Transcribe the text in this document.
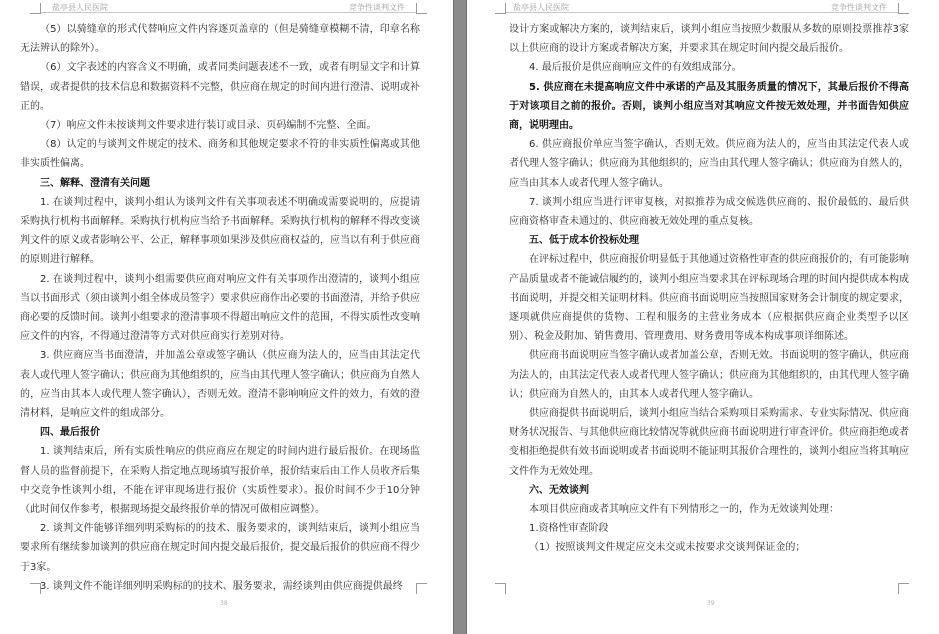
盐亭县人民医院	竞争性谈判文件

（5）以骑缝章的形式代替响应文件内容逐页盖章的（但是骑缝章模糊不清，印章名称无法辨认的除外）。

（6）文字表述的内容含义不明确，或者同类问题表述不一致，或者有明显文字和计算错误，或者提供的技术信息和数据资料不完整，供应商在规定的时间内进行澄清、说明或补正的。

（7）响应文件未按谈判文件要求进行装订或目录、页码编制不完整、全面。

（8）认定的与谈判文件规定的技术、商务和其他规定要求不符的非实质性偏离或其他非实质性偏离。

三、解释、澄清有关问题

1. 在谈判过程中，谈判小组认为谈判文件有关事项表述不明确或需要说明的，应提请采购执行机构书面解释。采购执行机构应当给予书面解释。采购执行机构的解释不得改变谈判文件的原义或者影响公平、公正，解释事项如果涉及供应商权益的，应当以有利于供应商的原则进行解释。

2. 在谈判过程中，谈判小组需要供应商对响应文件有关事项作出澄清的，谈判小组应当以书面形式（须由谈判小组全体成员签字）要求供应商作出必要的书面澄清，并给予供应商必要的反馈时间。谈判小组要求的澄清事项不得超出响应文件的范围，不得实质性改变响应文件的内容，不得通过澄清等方式对供应商实行差别对待。

3. 供应商应当书面澄清，并加盖公章或签字确认（供应商为法人的，应当由其法定代表人或代理人签字确认；供应商为其他组织的，应当由其代理人签字确认；供应商为自然人的，应当由其本人或代理人签字确认），否则无效。澄清不影响响应文件的效力，有效的澄清材料，是响应文件的组成部分。

四、最后报价

1. 谈判结束后，所有实质性响应的供应商应在规定的时间内进行最后报价。在现场监督人员的监督前提下，在采购人指定地点现场填写报价单，报价结束后由工作人员收齐后集中交竞争性谈判小组，不能在评审现场进行报价（实质性要求）。报价时间不少于10分钟（此时间仅作参考，根据现场提交最终报价单的情况可做相应调整）。

2. 谈判文件能够详细列明采购标的的技术、服务要求的，谈判结束后，谈判小组应当要求所有继续参加谈判的供应商在规定时间内提交最后报价，提交最后报价的供应商不得少于3家。

3. 谈判文件不能详细列明采购标的的技术、服务要求，需经谈判由供应商提供最终

38
盐亭县人民医院	竞争性谈判文件

设计方案或解决方案的，谈判结束后，谈判小组应当按照少数服从多数的原则投票推荐3家以上供应商的设计方案或者解决方案，并要求其在规定时间内提交最后报价。

4. 最后报价是供应商响应文件的有效组成部分。

5. 供应商在未提高响应文件中承诺的产品及其服务质量的情况下，其最后报价不得高于对该项目之前的报价。否则，谈判小组应当对其响应文件按无效处理，并书面告知供应商，说明理由。

6. 供应商报价单应当签字确认，否则无效。供应商为法人的，应当由其法定代表人或者代理人签字确认；供应商为其他组织的，应当由其代理人签字确认；供应商为自然人的，应当由其本人或者代理人签字确认。

7. 谈判小组应当进行评审复核，对拟推荐为成交候选供应商的、报价最低的、最后供应商资格审查未通过的、供应商被无效处理的重点复核。

五、低于成本价投标处理

在评标过程中，供应商报价明显低于其他通过资格性审查的供应商报价的，有可能影响产品质量或者不能诚信履约的，谈判小组应当要求其在评标现场合理的时间内提供成本构成书面说明，并提交相关证明材料。供应商书面说明应当按照国家财务会计制度的规定要求，逐项就供应商提供的货物、工程和服务的主营业务成本（应根据供应商企业类型予以区别）、税金及附加、销售费用、管理费用、财务费用等成本构成事项详细陈述。

供应商书面说明应当签字确认或者加盖公章，否则无效。书面说明的签字确认，供应商为法人的，由其法定代表人或者代理人签字确认；供应商为其他组织的，由其代理人签字确认；供应商为自然人的，由其本人或者代理人签字确认。

供应商提供书面说明后，谈判小组应当结合采购项目采购需求、专业实际情况、供应商财务状况报告、与其他供应商比较情况等就供应商书面说明进行审查评价。供应商拒绝或者变相拒绝提供有效书面说明或者书面说明不能证明其报价合理性的，谈判小组应当将其响应文件作为无效处理。

六、无效谈判

本项目供应商或者其响应文件有下列情形之一的，作为无效谈判处理：

1.资格性审查阶段

（1）按照谈判文件规定应交未交或未按要求交谈判保证金的；

39
